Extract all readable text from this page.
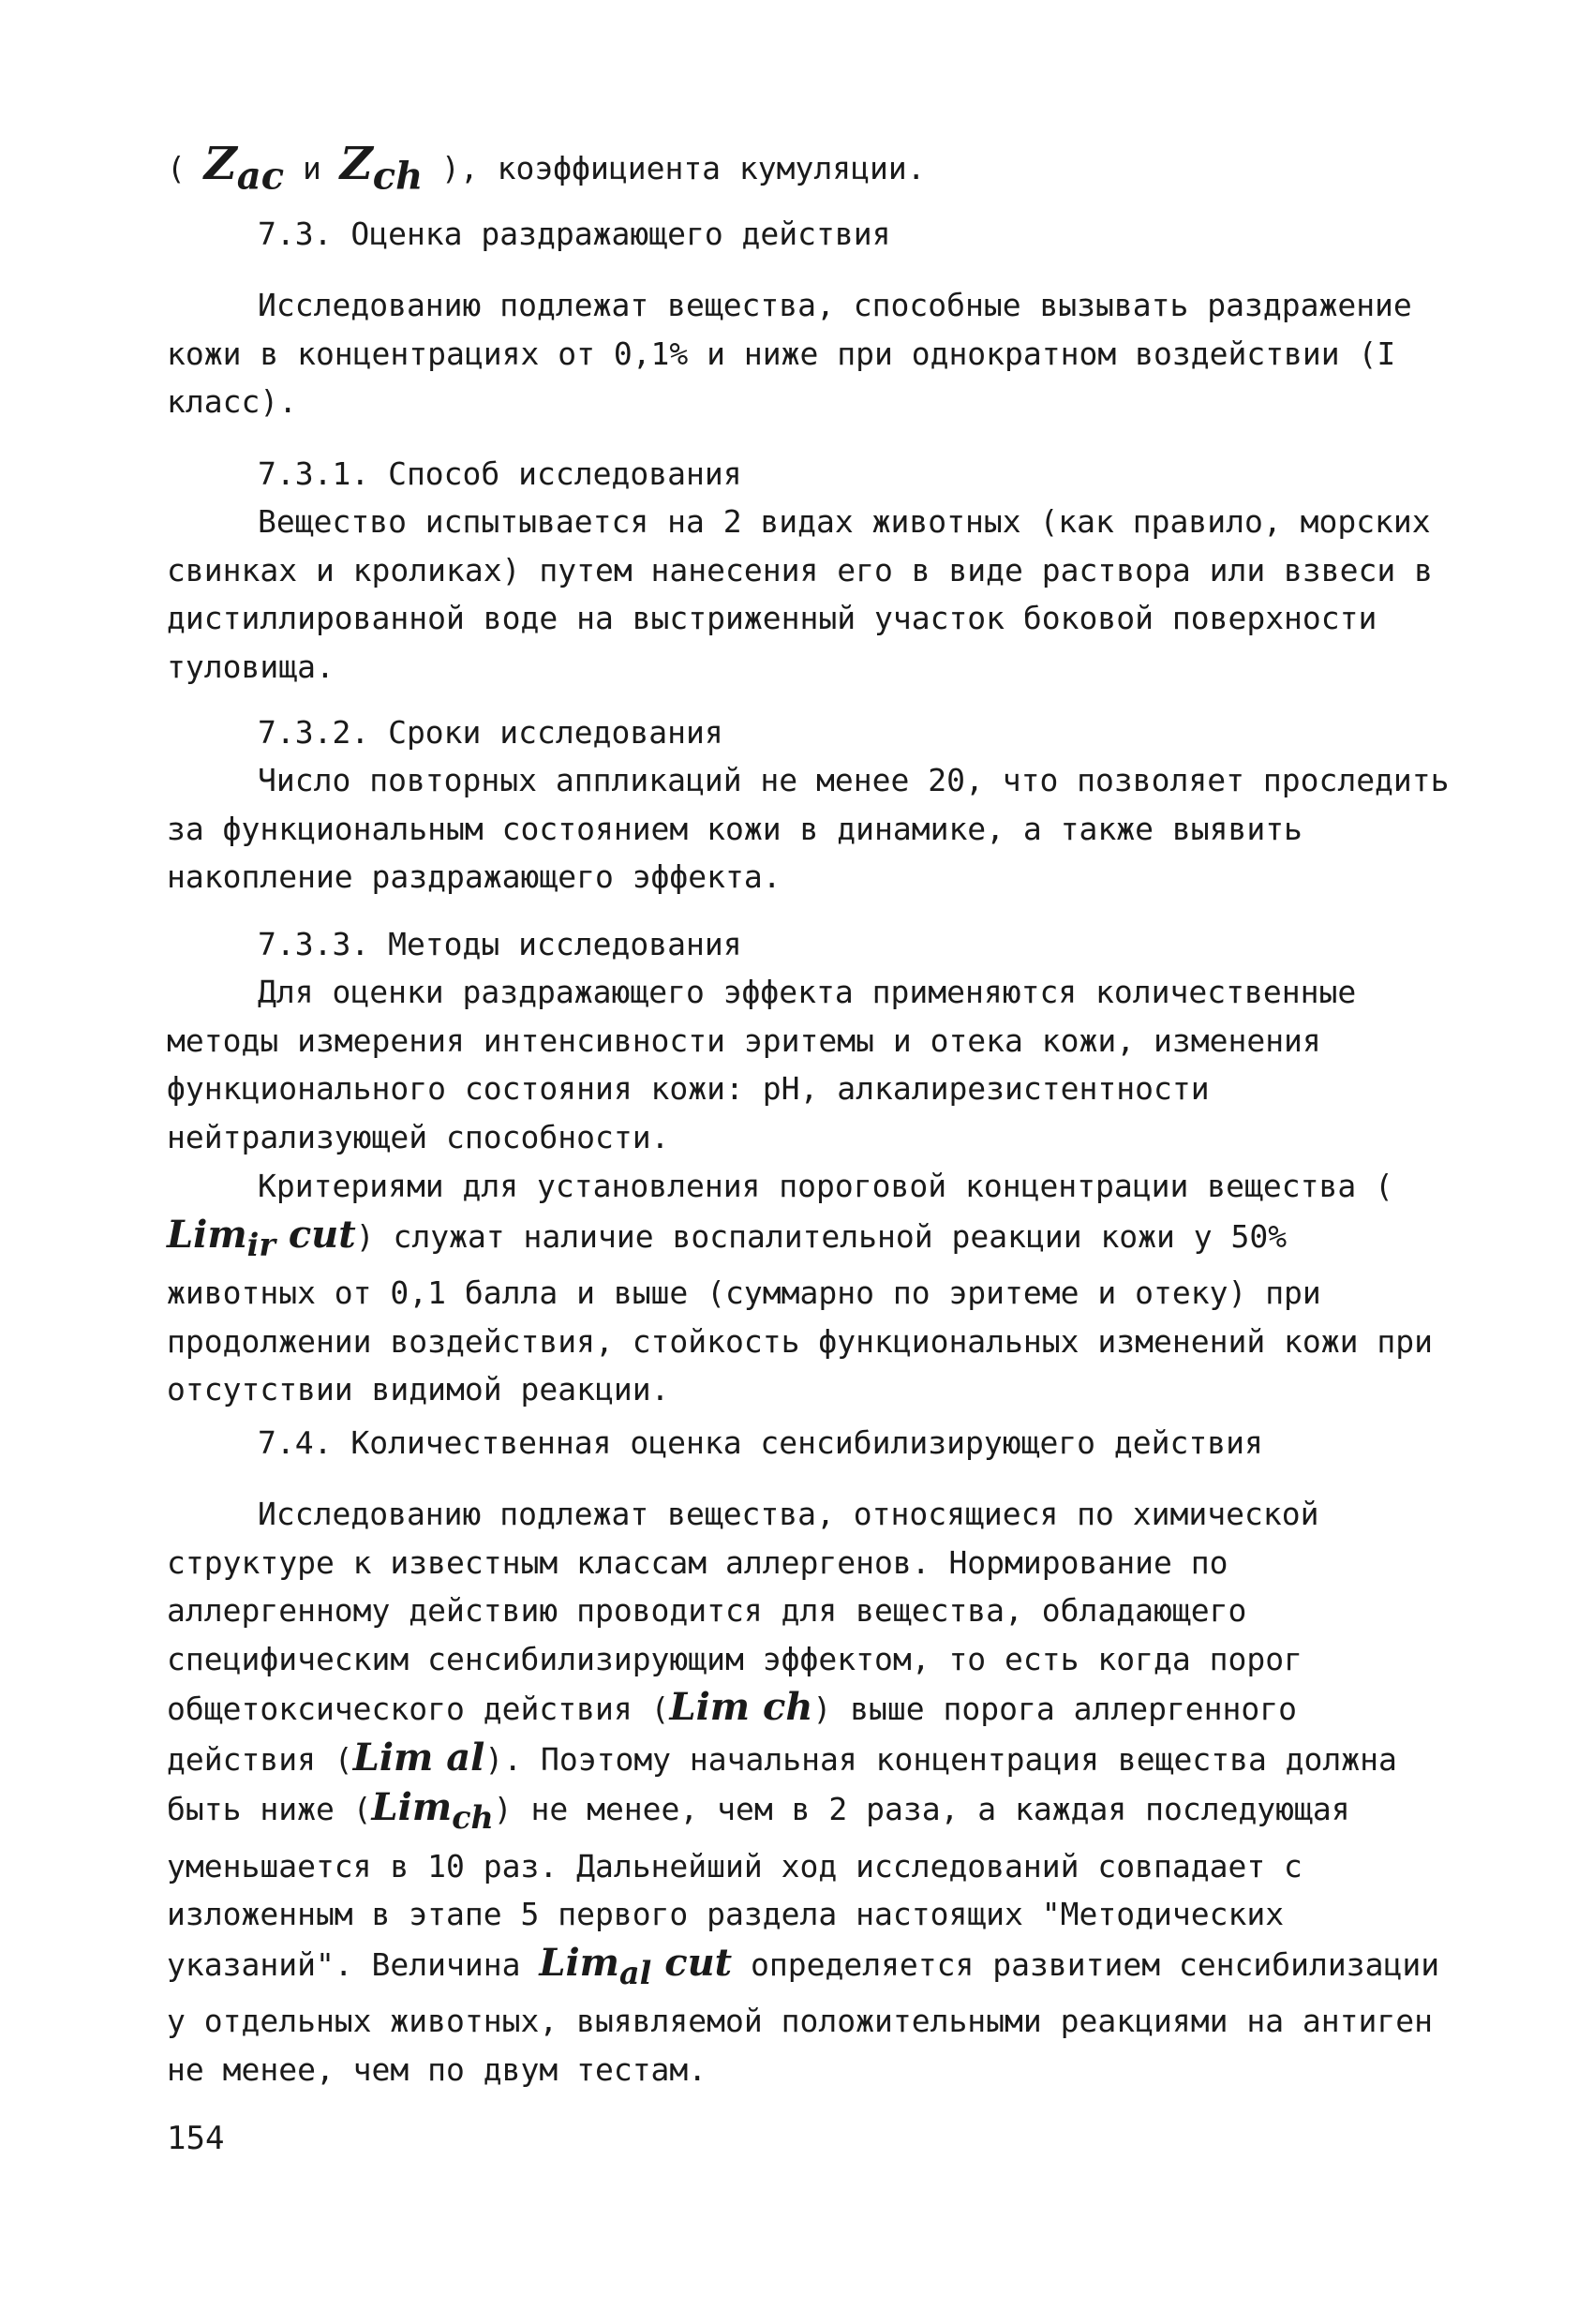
( $Z_{ac}$ и $Z_{ch}$ ), коэффициента кумуляции.

7.3. Оценка раздражающего действия

Исследованию подлежат вещества, способные вызывать раздражение кожи в концентрациях от 0,1% и ниже при однократном воздействии (I класс).

7.3.1. Способ исследования

Вещество испытывается на 2 видах животных (как правило, морских свинках и кроликах) путем нанесения его в виде раствора или взвеси в дистиллированной воде на выстриженный участок боковой поверхности туловища.

7.3.2. Сроки исследования

Число повторных аппликаций не менее 20, что позволяет проследить за функциональным состоянием кожи в динамике, а также выявить накопление раздражающего эффекта.

7.3.3. Методы исследования

Для оценки раздражающего эффекта применяются количественные методы измерения интенсивности эритемы и отека кожи, изменения функционального состояния кожи: pH, алкалирезистентности нейтрализующей способности.

Критериями для установления пороговой концентрации вещества ( Lim$_{ir}$ cut) служат наличие воспалительной реакции кожи у 50% животных от 0,1 балла и выше (суммарно по эритеме и отеку) при продолжении воздействия, стойкость функциональных изменений кожи при отсутствии видимой реакции.

7.4. Количественная оценка сенсибилизирующего действия

Исследованию подлежат вещества, относящиеся по химической структуре к известным классам аллергенов. Нормирование по аллергенному действию проводится для вещества, обладающего специфическим сенсибилизирующим эффектом, то есть когда порог общетоксического действия (Lim ch) выше порога аллергенного действия (Lim al). Поэтому начальная концентрация вещества должна быть ниже (Lim$_{ch}$) не менее, чем в 2 раза, а каждая последующая уменьшается в 10 раз. Дальнейший ход исследований совпадает с изложенным в этапе 5 первого раздела настоящих "Методических указаний". Величина Lim$_{al}$ cut определяется развитием сенсибилизации у отдельных животных, выявляемой положительными реакциями на антиген не менее, чем по двум тестам.

154
